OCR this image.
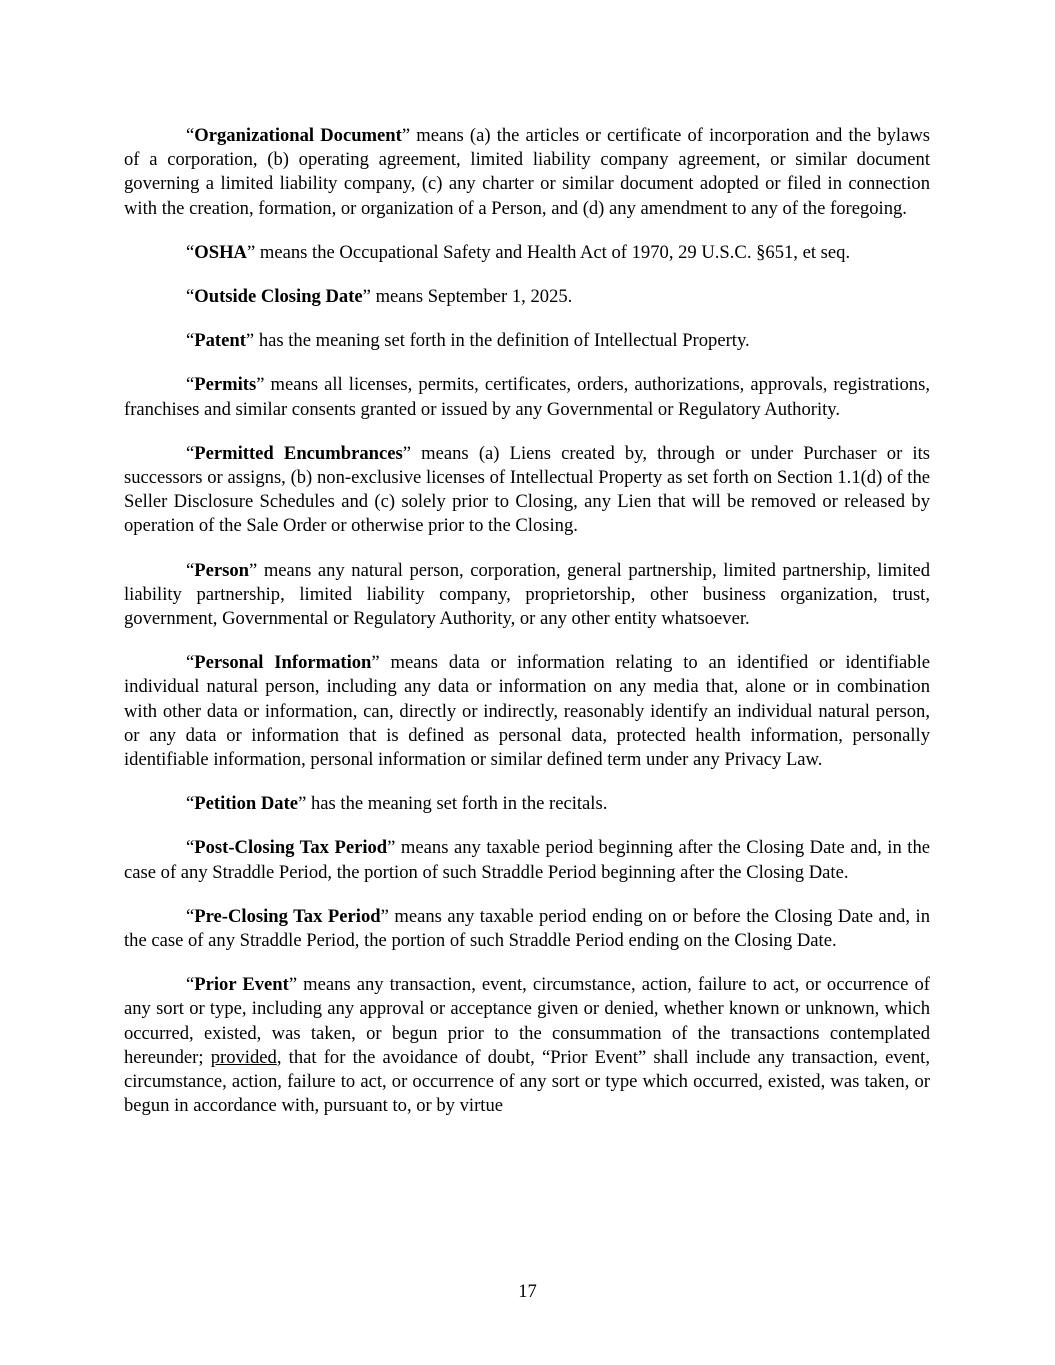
“Organizational Document” means (a) the articles or certificate of incorporation and the bylaws of a corporation, (b) operating agreement, limited liability company agreement, or similar document governing a limited liability company, (c) any charter or similar document adopted or filed in connection with the creation, formation, or organization of a Person, and (d) any amendment to any of the foregoing.

“OSHA” means the Occupational Safety and Health Act of 1970, 29 U.S.C. §651, et seq.

“Outside Closing Date” means September 1, 2025.

“Patent” has the meaning set forth in the definition of Intellectual Property.

“Permits” means all licenses, permits, certificates, orders, authorizations, approvals, registrations, franchises and similar consents granted or issued by any Governmental or Regulatory Authority.

“Permitted Encumbrances” means (a) Liens created by, through or under Purchaser or its successors or assigns, (b) non-exclusive licenses of Intellectual Property as set forth on Section 1.1(d) of the Seller Disclosure Schedules and (c) solely prior to Closing, any Lien that will be removed or released by operation of the Sale Order or otherwise prior to the Closing.

“Person” means any natural person, corporation, general partnership, limited partnership, limited liability partnership, limited liability company, proprietorship, other business organization, trust, government, Governmental or Regulatory Authority, or any other entity whatsoever.

“Personal Information” means data or information relating to an identified or identifiable individual natural person, including any data or information on any media that, alone or in combination with other data or information, can, directly or indirectly, reasonably identify an individual natural person, or any data or information that is defined as personal data, protected health information, personally identifiable information, personal information or similar defined term under any Privacy Law.

“Petition Date” has the meaning set forth in the recitals.

“Post-Closing Tax Period” means any taxable period beginning after the Closing Date and, in the case of any Straddle Period, the portion of such Straddle Period beginning after the Closing Date.

“Pre-Closing Tax Period” means any taxable period ending on or before the Closing Date and, in the case of any Straddle Period, the portion of such Straddle Period ending on the Closing Date.

“Prior Event” means any transaction, event, circumstance, action, failure to act, or occurrence of any sort or type, including any approval or acceptance given or denied, whether known or unknown, which occurred, existed, was taken, or begun prior to the consummation of the transactions contemplated hereunder; provided, that for the avoidance of doubt, “Prior Event” shall include any transaction, event, circumstance, action, failure to act, or occurrence of any sort or type which occurred, existed, was taken, or begun in accordance with, pursuant to, or by virtue

17
